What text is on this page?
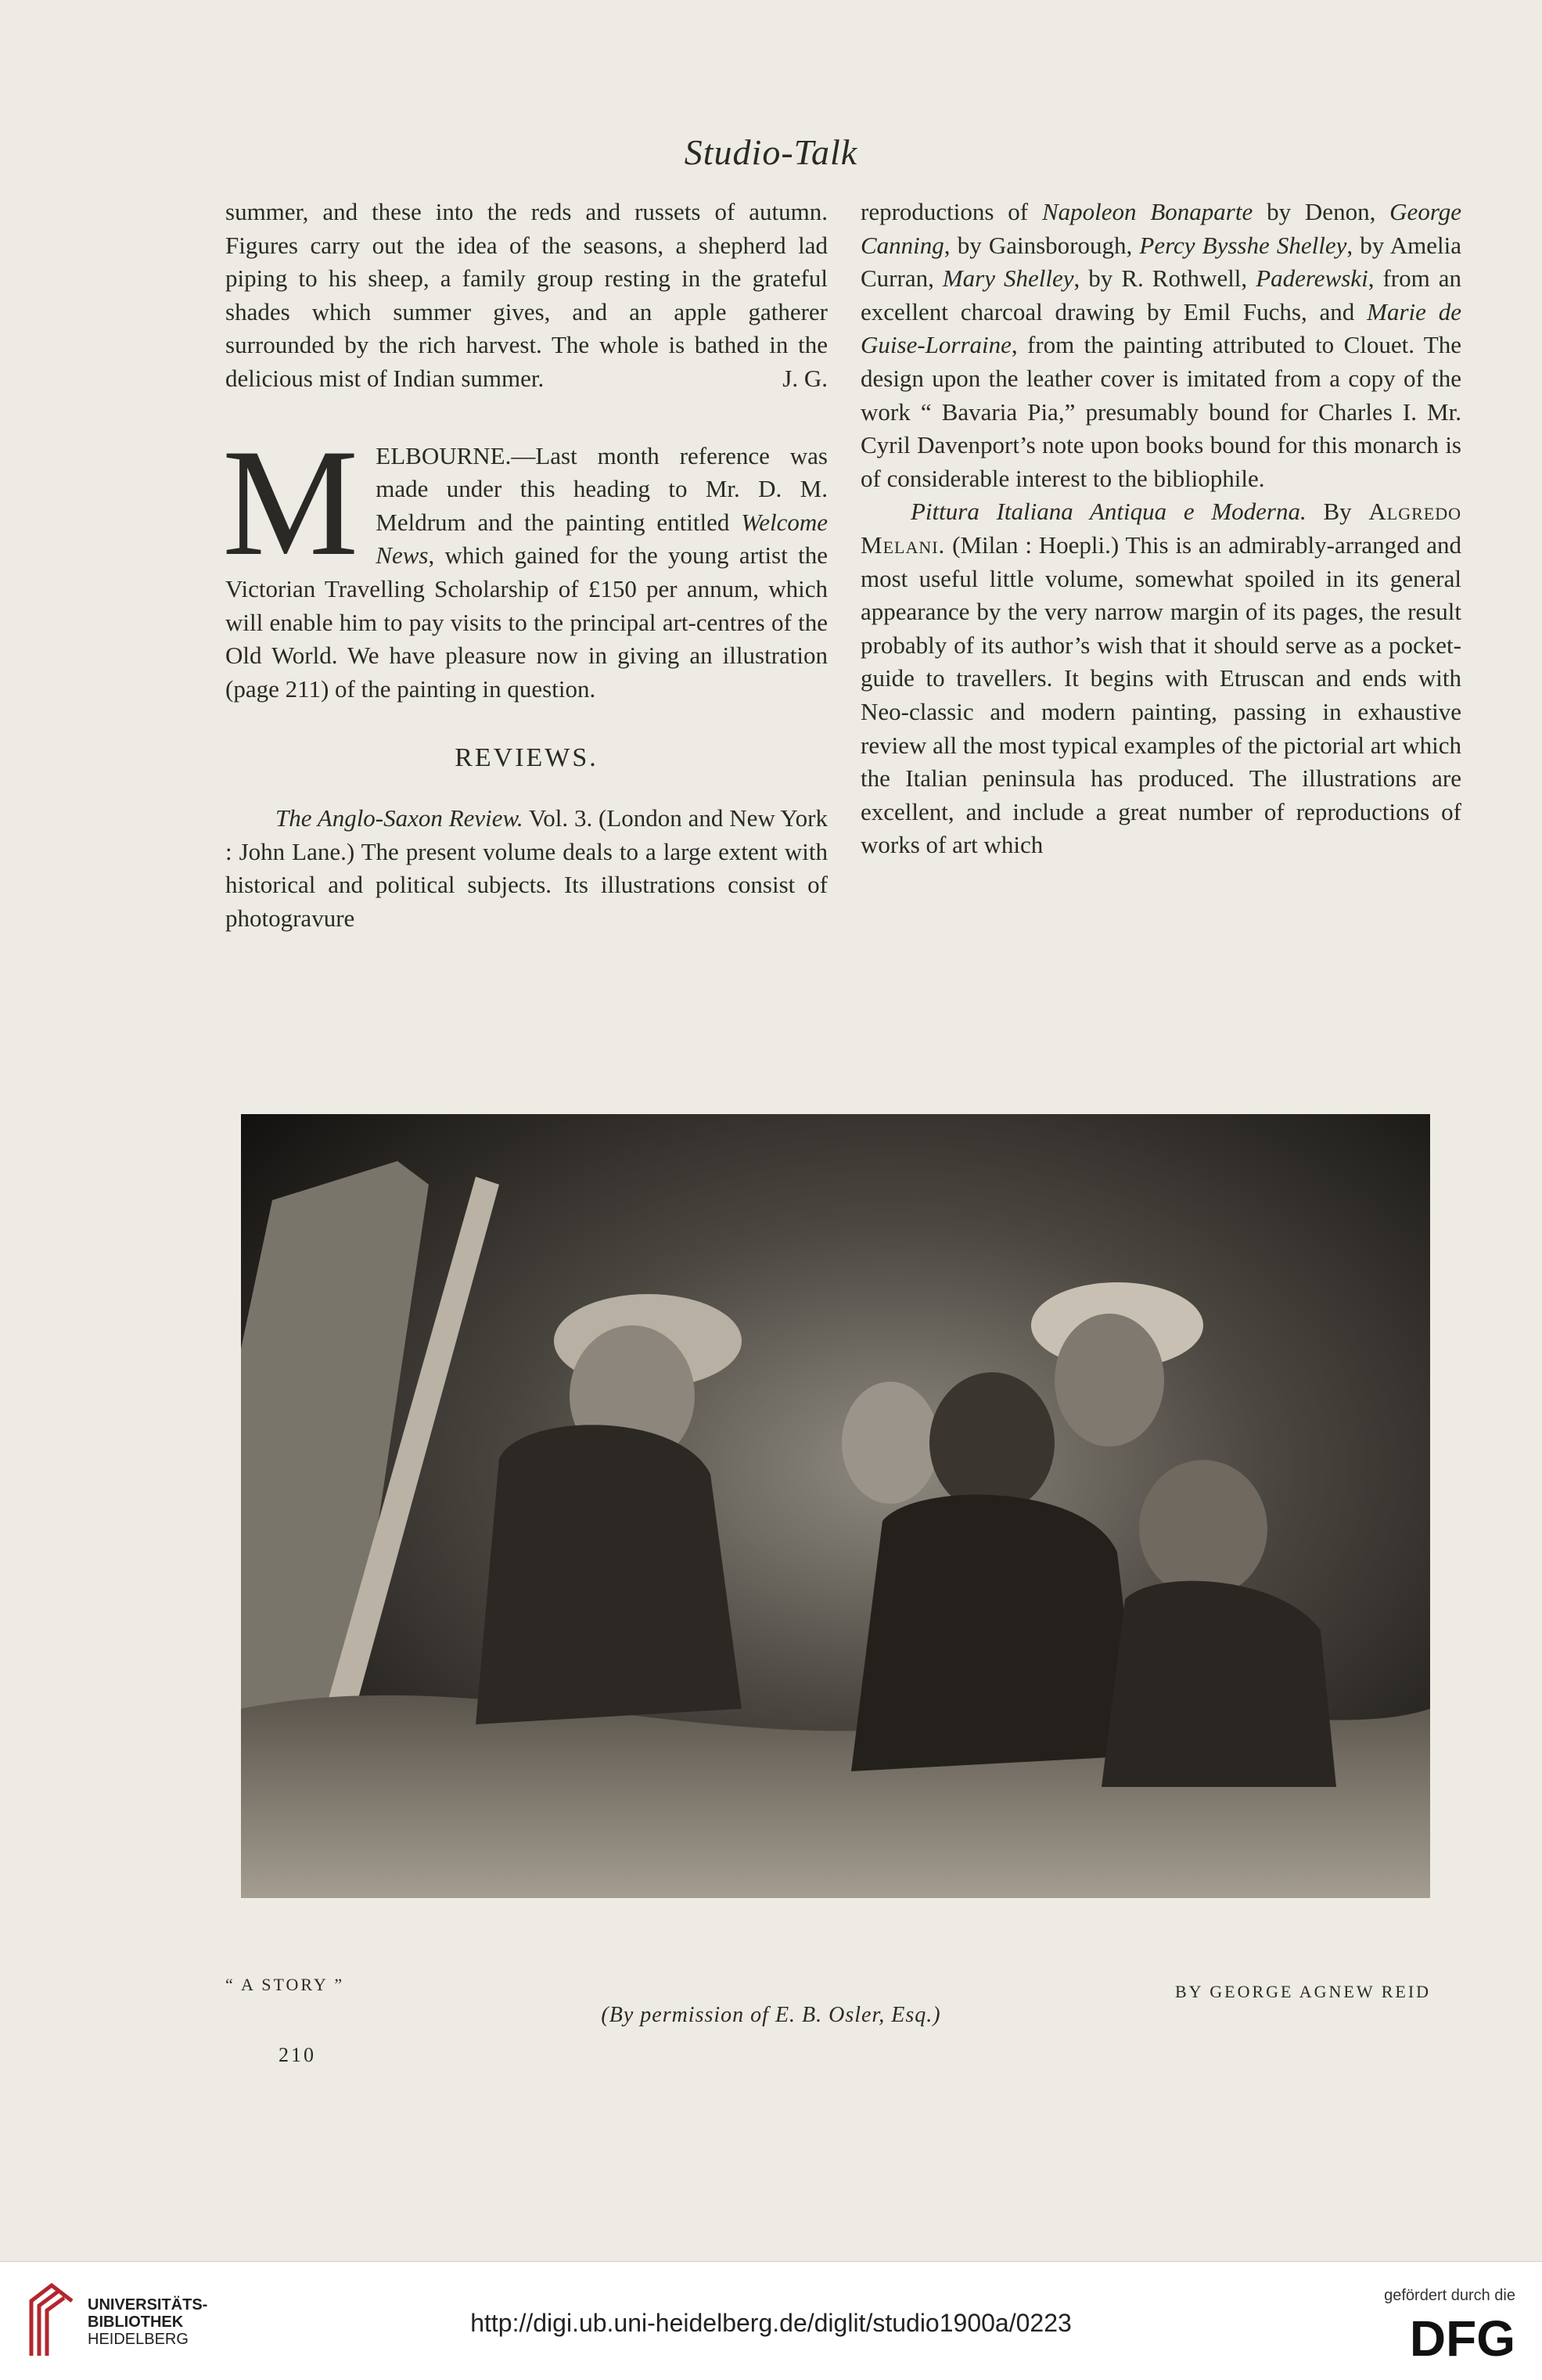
Studio-Talk

summer, and these into the reds and russets of autumn. Figures carry out the idea of the seasons, a shepherd lad piping to his sheep, a family group resting in the grateful shades which summer gives, and an apple gatherer surrounded by the rich harvest. The whole is bathed in the delicious mist of Indian summer.	J. G.

MELBOURNE.—Last month reference was made under this heading to Mr. D. M. Meldrum and the painting entitled Welcome News, which gained for the young artist the Victorian Travelling Scholarship of £150 per annum, which will enable him to pay visits to the principal art-centres of the Old World. We have pleasure now in giving an illustration (page 211) of the painting in question.

REVIEWS.

The Anglo-Saxon Review. Vol. 3. (London and New York : John Lane.) The present volume deals to a large extent with historical and political subjects. Its illustrations consist of photogravure

reproductions of Napoleon Bonaparte by Denon, George Canning, by Gainsborough, Percy Bysshe Shelley, by Amelia Curran, Mary Shelley, by R. Rothwell, Paderewski, from an excellent charcoal drawing by Emil Fuchs, and Marie de Guise-Lorraine, from the painting attributed to Clouet. The design upon the leather cover is imitated from a copy of the work “ Bavaria Pia,” presumably bound for Charles I. Mr. Cyril Davenport’s note upon books bound for this monarch is of considerable interest to the bibliophile.

Pittura Italiana Antiqua e Moderna. By Algredo Melani. (Milan : Hoepli.) This is an admirably-arranged and most useful little volume, somewhat spoiled in its general appearance by the very narrow margin of its pages, the result probably of its author’s wish that it should serve as a pocket-guide to travellers. It begins with Etruscan and ends with Neo-classic and modern painting, passing in exhaustive review all the most typical examples of the pictorial art which the Italian peninsula has produced. The illustrations are excellent, and include a great number of reproductions of works of art which

“ A STORY ”	BY GEORGE AGNEW REID
(By permission of E. B. Osler, Esq.)
210
UNIVERSITÄTS-
BIBLIOTHEK
HEIDELBERG
http://digi.ub.uni-heidelberg.de/diglit/studio1900a/0223
gefördert durch die
DFG
